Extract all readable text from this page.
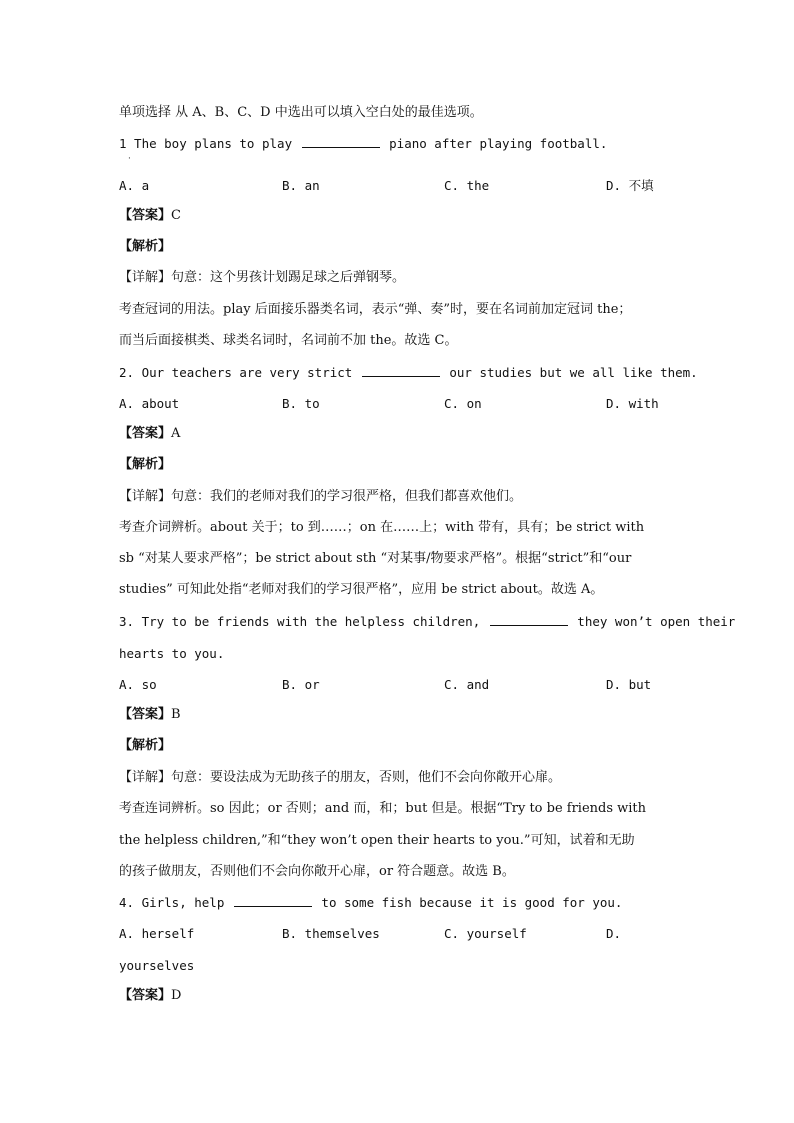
单项选择 从 A、B、C、D 中选出可以填入空白处的最佳选项。
1 The boy plans to play	piano after playing football.
·
A. a	B. an	C. the	D. 不填
【答案】C
【解析】
【详解】句意：这个男孩计划踢足球之后弹钢琴。
考查冠词的用法。play 后面接乐器类名词，表示“弹、奏”时，要在名词前加定冠词 the；
而当后面接棋类、球类名词时，名词前不加 the。故选 C。
2. Our teachers are very strict	our studies but we all like them.
A. about	B. to	C. on	D. with
【答案】A
【解析】
【详解】句意：我们的老师对我们的学习很严格，但我们都喜欢他们。
考查介词辨析。about 关于；to 到……；on 在……上；with 带有，具有；be strict with
sb “对某人要求严格”；be strict about sth “对某事/物要求严格”。根据“strict”和“our
studies” 可知此处指“老师对我们的学习很严格”，应用 be strict about。故选 A。
3. Try to be friends with the helpless children,	they won’t open their
hearts to you.
A. so	B. or	C. and	D. but
【答案】B
【解析】
【详解】句意：要设法成为无助孩子的朋友，否则，他们不会向你敞开心扉。
考查连词辨析。so 因此；or 否则；and 而，和；but 但是。根据“Try to be friends with
the helpless children,”和“they won’t open their hearts to you.”可知，试着和无助
的孩子做朋友，否则他们不会向你敞开心扉，or 符合题意。故选 B。
4. Girls, help	to some fish because it is good for you.
A. herself	B. themselves	C. yourself	D.
yourselves
【答案】D
